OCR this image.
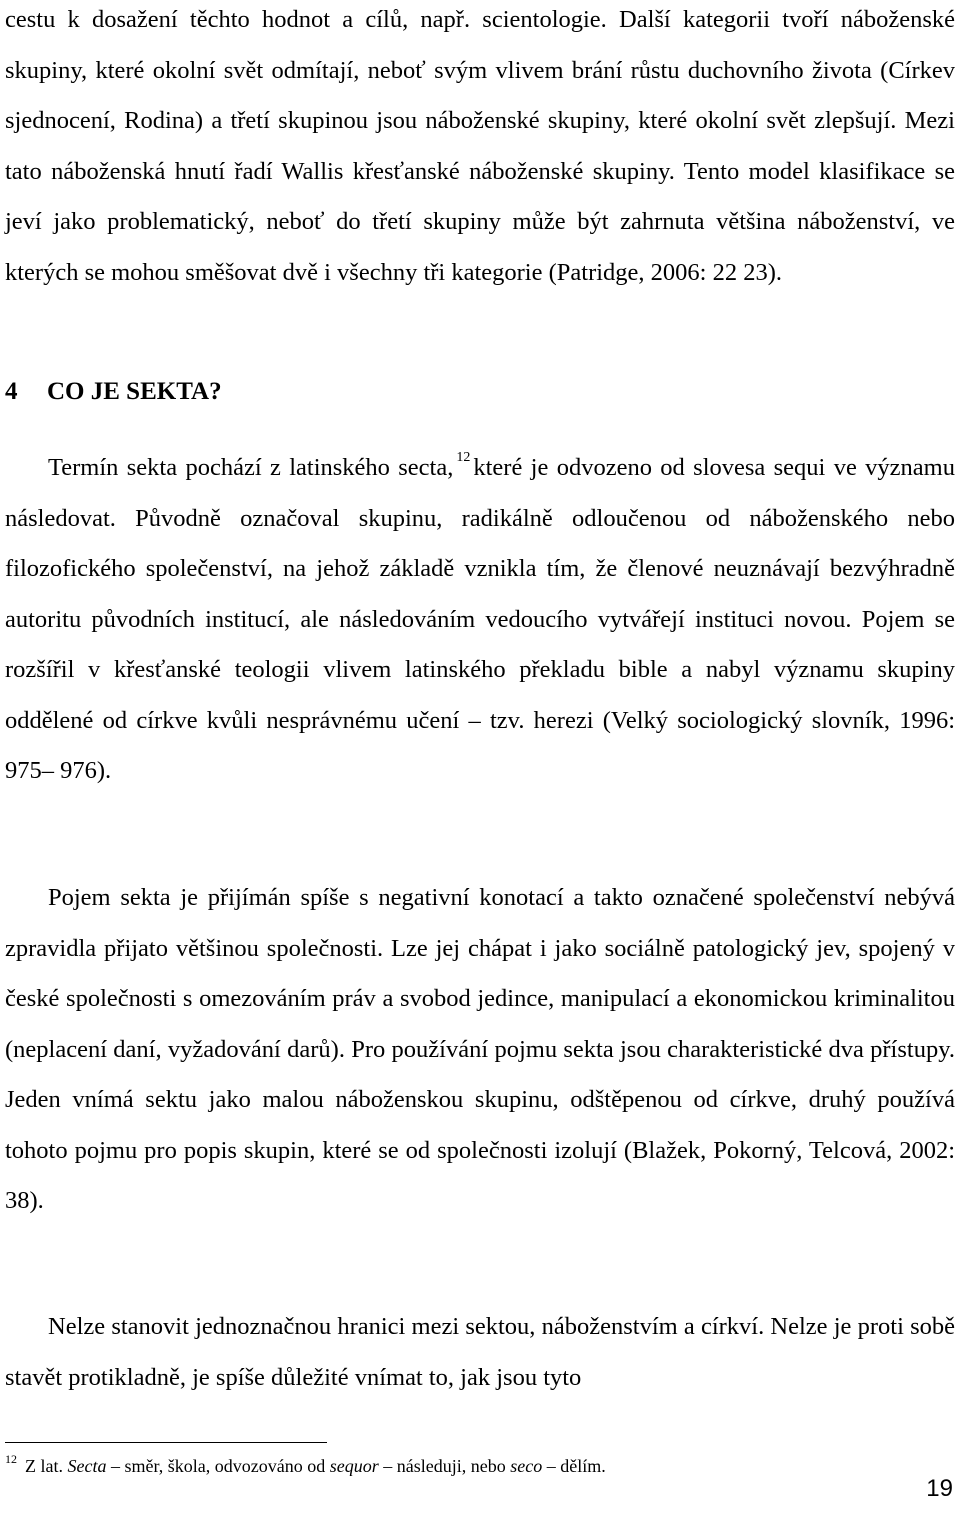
cestu k dosažení těchto hodnot a cílů, např. scientologie. Další kategorii tvoří náboženské skupiny, které okolní svět odmítají, neboť svým vlivem brání růstu duchovního života (Církev sjednocení, Rodina) a třetí skupinou jsou náboženské skupiny, které okolní svět zlepšují. Mezi tato náboženská hnutí řadí Wallis křesťanské náboženské skupiny. Tento model klasifikace se jeví jako problematický, neboť do třetí skupiny může být zahrnuta většina náboženství, ve kterých se mohou směšovat dvě i všechny tři kategorie (Patridge, 2006: 22 23).

4 CO JE SEKTA?

Termín sekta pochází z latinského secta, $^{12}$ které je odvozeno od slovesa sequi ve významu následovat. Původně označoval skupinu, radikálně odloučenou od náboženského nebo filozofického společenství, na jehož základě vznikla tím, že členové neuznávají bezvýhradně autoritu původních institucí, ale následováním vedoucího vytvářejí instituci novou. Pojem se rozšířil v křesťanské teologii vlivem latinského překladu bible a nabyl významu skupiny oddělené od církve kvůli nesprávnému učení – tzv. herezi (Velký sociologický slovník, 1996: 975– 976).

Pojem sekta je přijímán spíše s negativní konotací a takto označené společenství nebývá zpravidla přijato většinou společnosti. Lze jej chápat i jako sociálně patologický jev, spojený v české společnosti s omezováním práv a svobod jedince, manipulací a ekonomickou kriminalitou (neplacení daní, vyžadování darů). Pro používání pojmu sekta jsou charakteristické dva přístupy. Jeden vnímá sektu jako malou náboženskou skupinu, odštěpenou od církve, druhý používá tohoto pojmu pro popis skupin, které se od společnosti izolují (Blažek, Pokorný, Telcová, 2002: 38).

Nelze stanovit jednoznačnou hranici mezi sektou, náboženstvím a církví. Nelze je proti sobě stavět protikladně, je spíše důležité vnímat to, jak jsou tyto

$^{12}$ Z lat. Secta – směr, škola, odvozováno od sequor – následuji, nebo seco – dělím.

19
